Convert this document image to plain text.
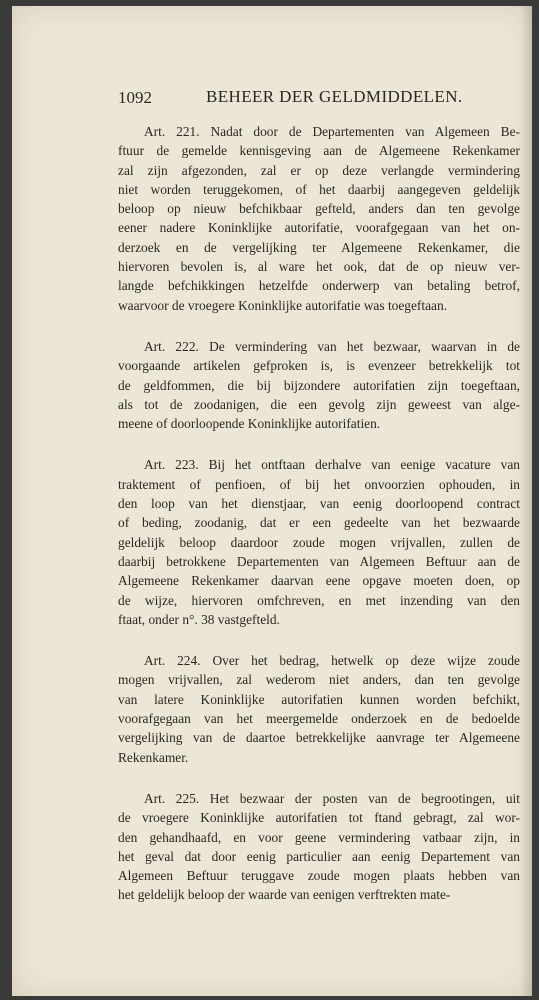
1092	BEHEER DER GELDMIDDELEN.
Art. 221. Nadat door de Departementen van Algemeen Be-
ftuur de gemelde kennisgeving aan de Algemeene Rekenkamer
zal zijn afgezonden, zal er op deze verlangde vermindering
niet worden teruggekomen, of het daarbij aangegeven geldelijk
beloop op nieuw befchikbaar gefteld, anders dan ten gevolge
eener nadere Koninklijke autorifatie, voorafgegaan van het on-
derzoek en de vergelijking ter Algemeene Rekenkamer, die
hiervoren bevolen is, al ware het ook, dat de op nieuw ver-
langde befchikkingen hetzelfde onderwerp van betaling betrof,
waarvoor de vroegere Koninklijke autorifatie was toegeftaan.
Art. 222. De vermindering van het bezwaar, waarvan in de
voorgaande artikelen gefproken is, is evenzeer betrekkelijk tot
de geldfommen, die bij bijzondere autorifatien zijn toegeftaan,
als tot de zoodanigen, die een gevolg zijn geweest van alge-
meene of doorloopende Koninklijke autorifatien.
Art. 223. Bij het ontftaan derhalve van eenige vacature van
traktement of penfioen, of bij het onvoorzien ophouden, in
den loop van het dienstjaar, van eenig doorloopend contract
of beding, zoodanig, dat er een gedeelte van het bezwaarde
geldelijk beloop daardoor zoude mogen vrijvallen, zullen de
daarbij betrokkene Departementen van Algemeen Beftuur aan de
Algemeene Rekenkamer daarvan eene opgave moeten doen, op
de wijze, hiervoren omfchreven, en met inzending van den
ftaat, onder n°. 38 vastgefteld.
Art. 224. Over het bedrag, hetwelk op deze wijze zoude
mogen vrijvallen, zal wederom niet anders, dan ten gevolge
van latere Koninklijke autorifatien kunnen worden befchikt,
voorafgegaan van het meergemelde onderzoek en de bedoelde
vergelijking van de daartoe betrekkelijke aanvrage ter Algemeene
Rekenkamer.
Art. 225. Het bezwaar der posten van de begrootingen, uit
de vroegere Koninklijke autorifatien tot ftand gebragt, zal wor-
den gehandhaafd, en voor geene vermindering vatbaar zijn, in
het geval dat door eenig particulier aan eenig Departement van
Algemeen Beftuur teruggave zoude mogen plaats hebben van
het geldelijk beloop der waarde van eenigen verftrekten mate-
